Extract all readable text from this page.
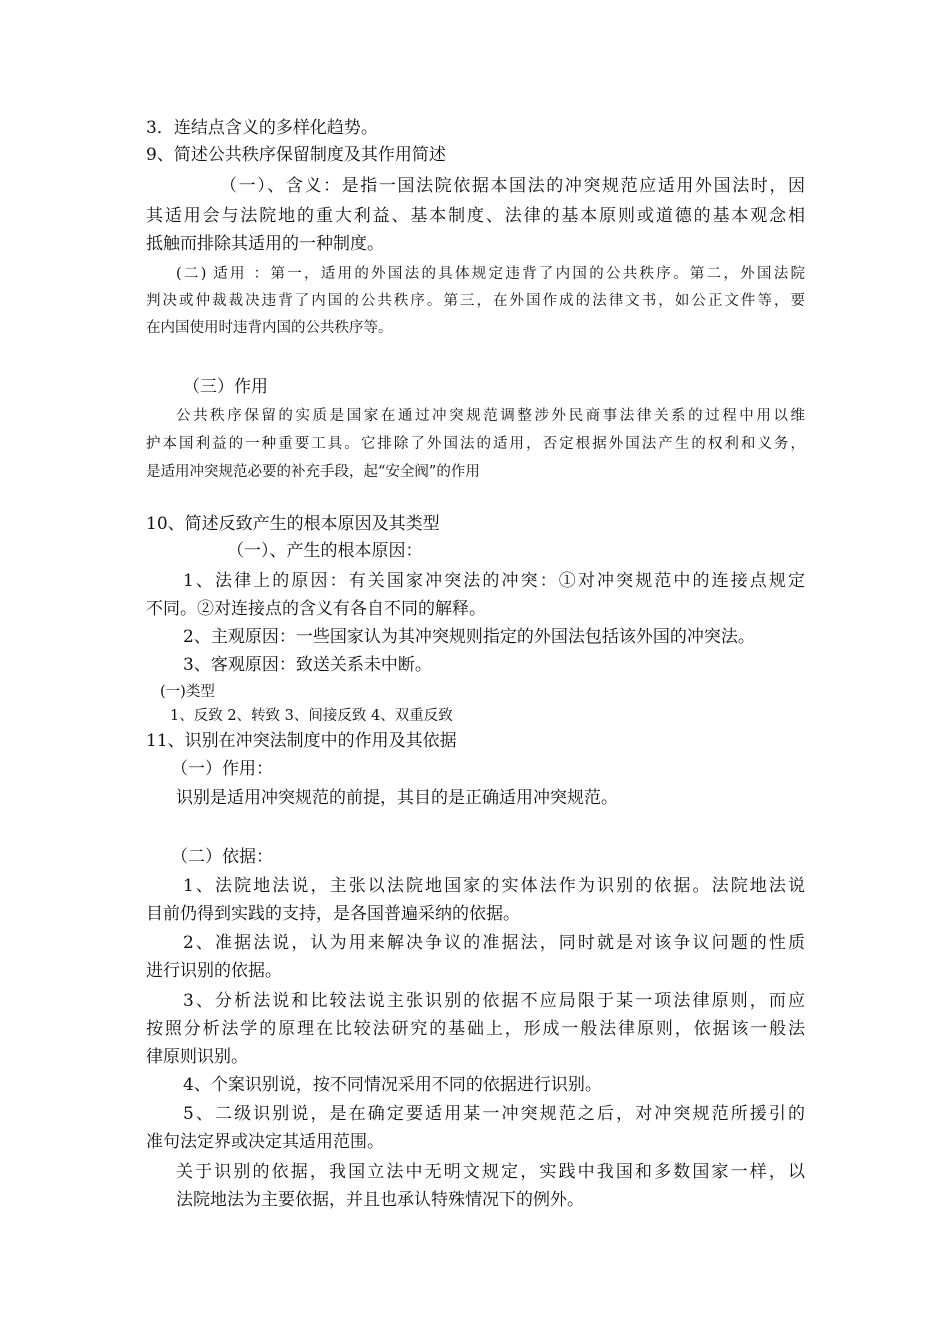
3．连结点含义的多样化趋势。
9、简述公共秩序保留制度及其作用简述
（一）、含义：是指一国法院依据本国法的冲突规范应适用外国法时，因
其适用会与法院地的重大利益、基本制度、法律的基本原则或道德的基本观念相
抵触而排除其适用的一种制度。
(二) 适用 ：第一，适用的外国法的具体规定违背了内国的公共秩序。第二，外国法院
判决或仲裁裁决违背了内国的公共秩序。第三，在外国作成的法律文书，如公正文件等，要
在内国使用时违背内国的公共秩序等。
（三）作用
公共秩序保留的实质是国家在通过冲突规范调整涉外民商事法律关系的过程中用以维
护本国利益的一种重要工具。它排除了外国法的适用，否定根据外国法产生的权利和义务，
是适用冲突规范必要的补充手段，起“安全阀”的作用
10、简述反致产生的根本原因及其类型
（一）、产生的根本原因：
1、法律上的原因：有关国家冲突法的冲突：①对冲突规范中的连接点规定
不同。②对连接点的含义有各自不同的解释。
2、主观原因：一些国家认为其冲突规则指定的外国法包括该外国的冲突法。
3、客观原因：致送关系未中断。
(一)类型
1、反致 2、转致 3、间接反致 4、双重反致
11、识别在冲突法制度中的作用及其依据
（一）作用：
识别是适用冲突规范的前提，其目的是正确适用冲突规范。
（二）依据：
1、法院地法说，主张以法院地国家的实体法作为识别的依据。法院地法说
目前仍得到实践的支持，是各国普遍采纳的依据。
2、准据法说，认为用来解决争议的准据法，同时就是对该争议问题的性质
进行识别的依据。
3、分析法说和比较法说主张识别的依据不应局限于某一项法律原则，而应
按照分析法学的原理在比较法研究的基础上，形成一般法律原则，依据该一般法
律原则识别。
4、个案识别说，按不同情况采用不同的依据进行识别。
5、二级识别说，是在确定要适用某一冲突规范之后，对冲突规范所援引的
准句法定界或决定其适用范围。
关于识别的依据，我国立法中无明文规定，实践中我国和多数国家一样，以
法院地法为主要依据，并且也承认特殊情况下的例外。
